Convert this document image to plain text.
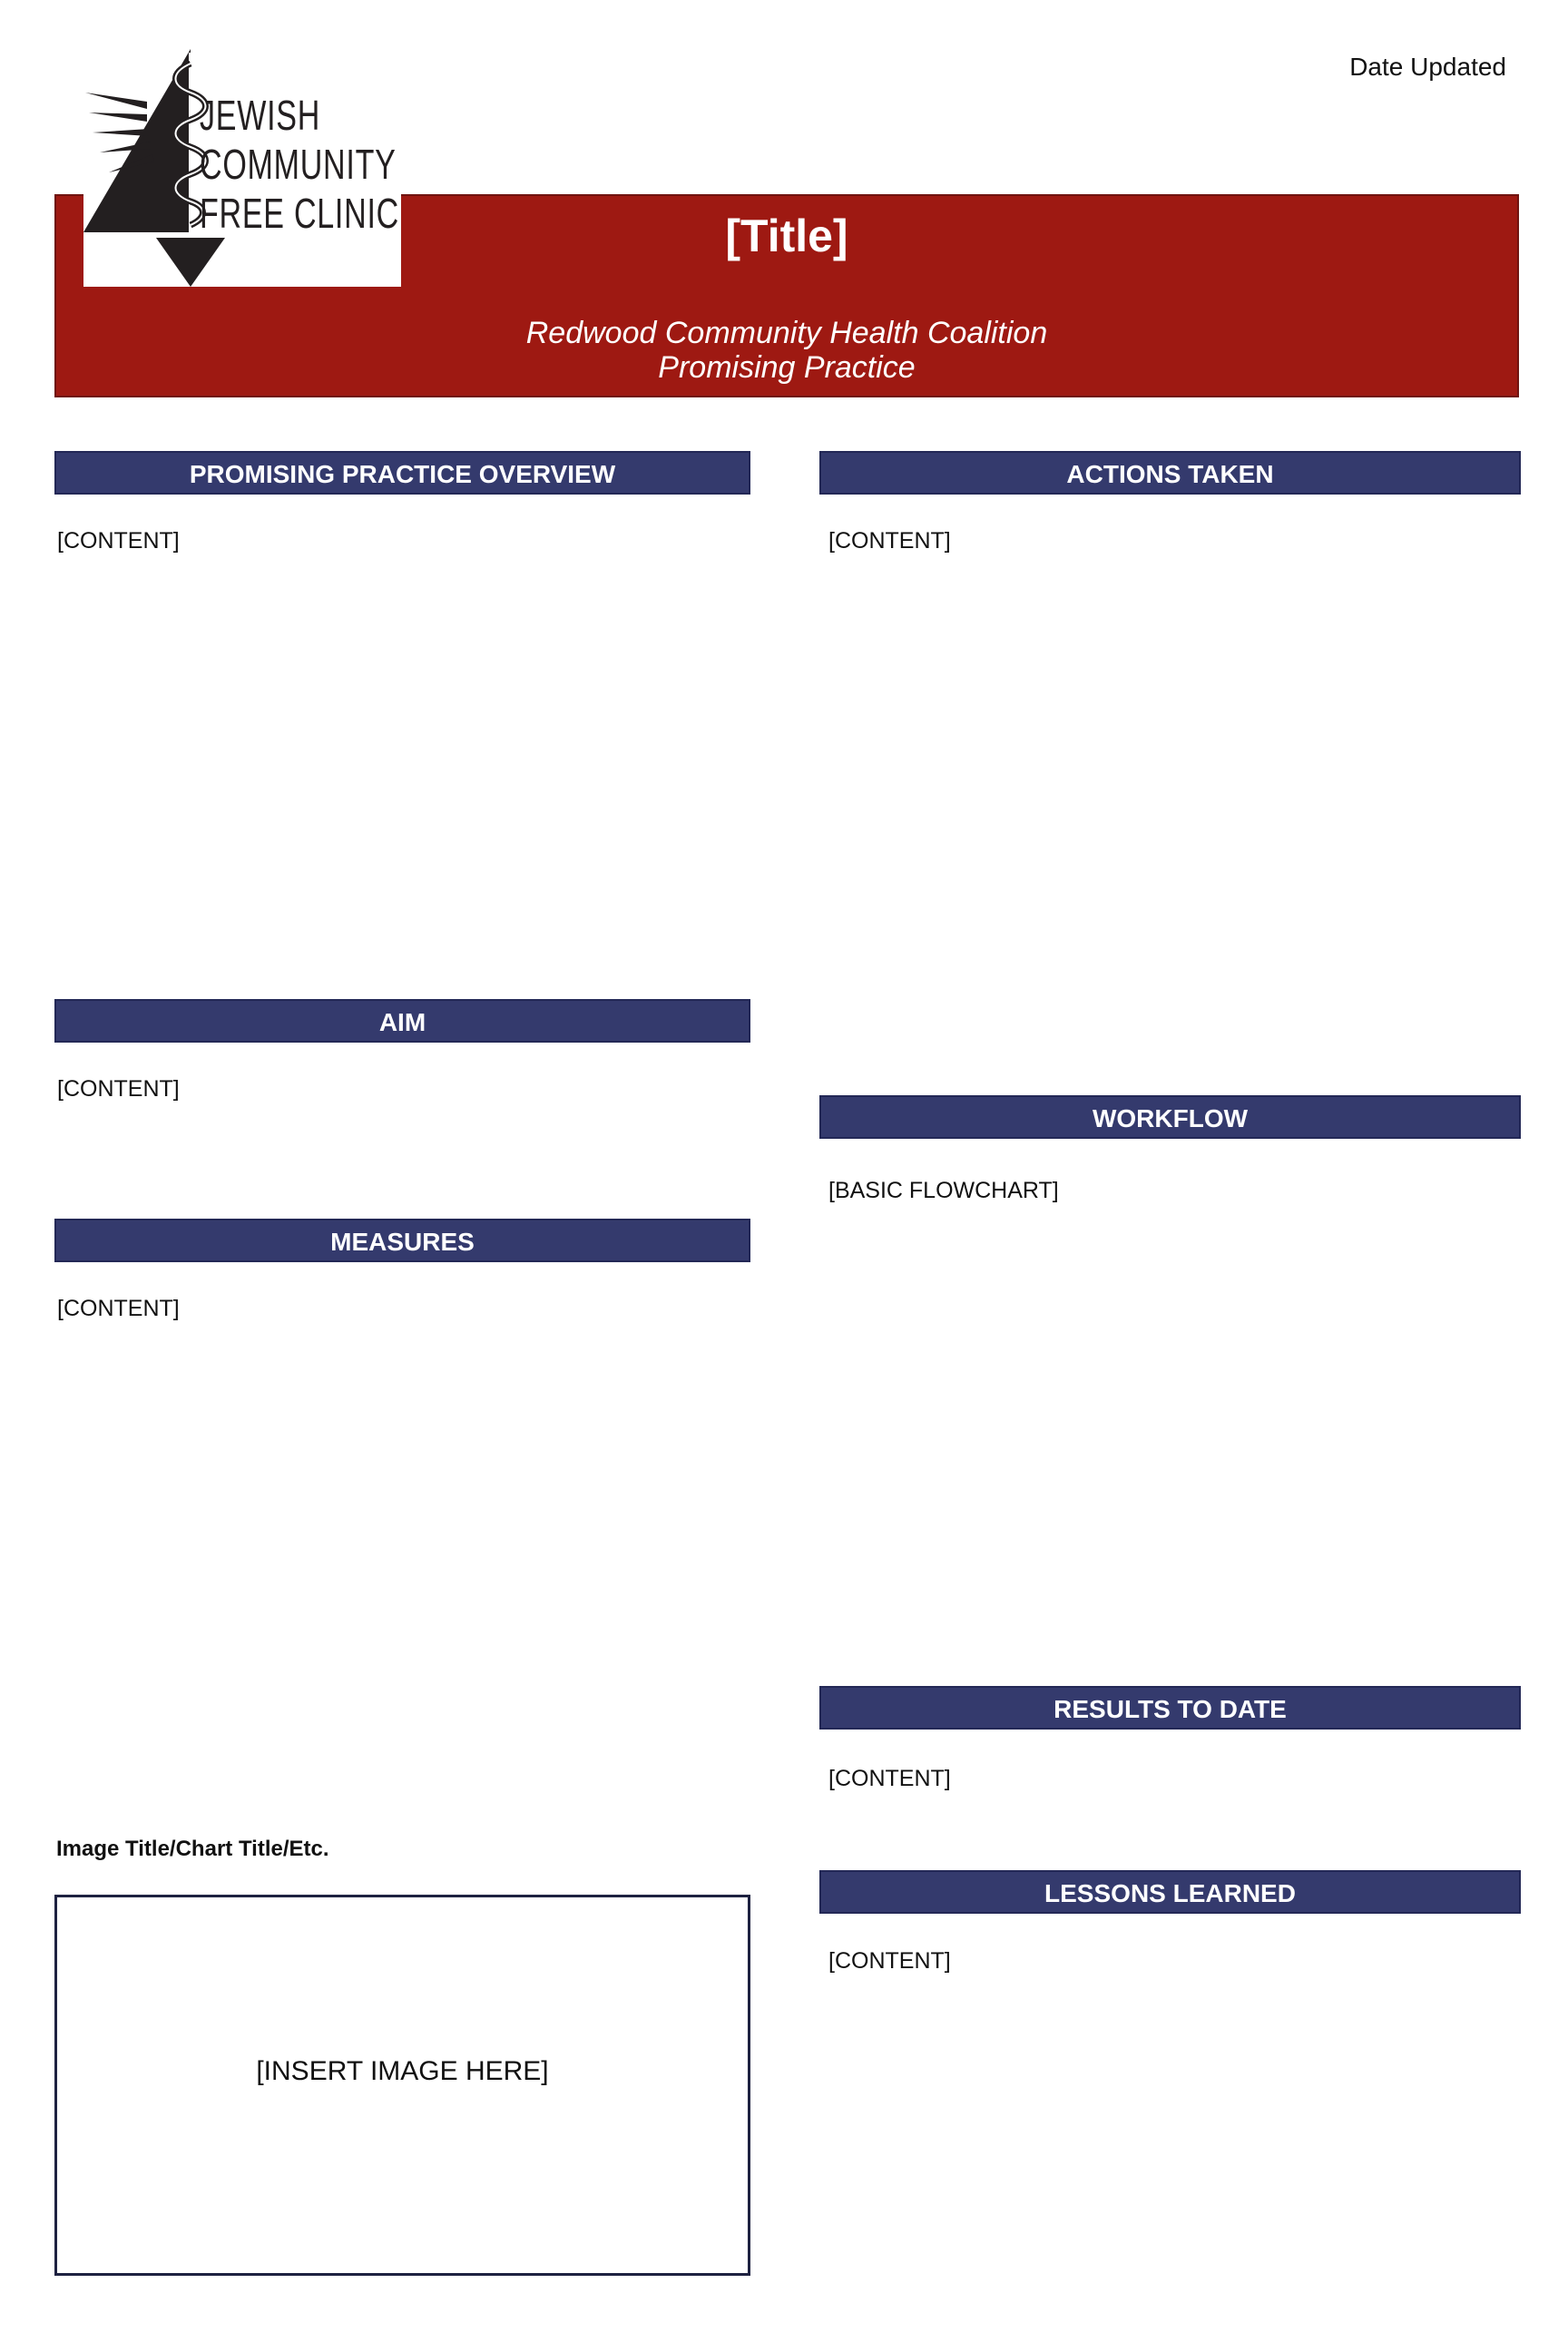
Date Updated
[Title]
Redwood Community Health Coalition
Promising Practice
JEWISH
COMMUNITY
FREE CLINIC
PROMISING PRACTICE OVERVIEW
[CONTENT]
AIM
[CONTENT]
MEASURES
[CONTENT]
Image Title/Chart Title/Etc.
[INSERT IMAGE HERE]
ACTIONS TAKEN
[CONTENT]
WORKFLOW
[BASIC FLOWCHART]
RESULTS TO DATE
[CONTENT]
LESSONS LEARNED
[CONTENT]
